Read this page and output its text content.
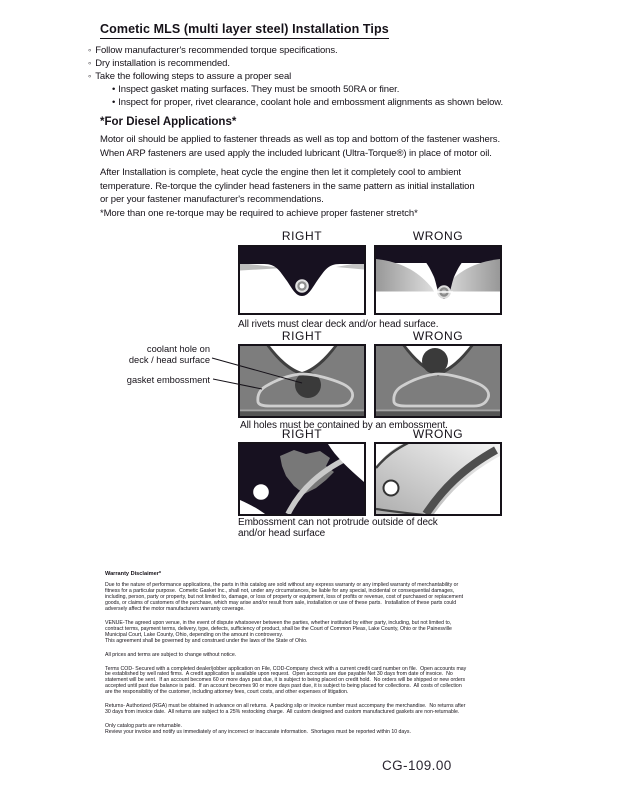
Cometic MLS (multi layer steel) Installation Tips
◦ Follow manufacturer's recommended torque specifications.
◦ Dry installation is recommended.
◦ Take the following steps to assure a proper seal
• Inspect gasket mating surfaces. They must be smooth 50RA or finer.
• Inspect for proper, rivet clearance, coolant hole and embossment alignments as shown below.
*For Diesel Applications*
Motor oil should be applied to fastener threads as well as top and bottom of the fastener washers.
When ARP fasteners are used apply the included lubricant (Ultra-Torque®) in place of motor oil.
After Installation is complete, heat cycle the engine then let it completely cool to ambient
temperature. Re-torque the cylinder head fasteners in the same pattern as initial installation
or per your fastener manufacturer's recommendations.
*More than one re-torque may be required to achieve proper fastener stretch*
RIGHT	WRONG
All rivets must clear deck and/or head surface.
RIGHT	WRONG
coolant hole on
deck / head surface
gasket embossment
All holes must be contained by an embossment.
RIGHT	WRONG
Embossment can not protrude outside of deck
and/or head surface
Warranty Disclaimer*
Due to the nature of performance applications, the parts in this catalog are sold without any express warranty or any implied warranty of merchantability or
fitness for a particular purpose.  Cometic Gasket Inc., shall not, under any circumstances, be liable for any special, incidental or consequential damages,
including, person, party or property, but not limited to, damage, or loss of property or equipment, loss of profits or revenue, cost of purchased or replacement
goods, or claims of customers of the purchase, which may arise and/or result from sale, installation or use of these parts.  Installation of these parts could
adversely affect the motor manufacturers warranty coverage.
VENUE-The agreed upon venue, in the event of dispute whatsoever between the parties, whether instituted by either party, including, but not limited to,
contract terms, payment terms, delivery, type, defects, sufficiency of product, shall be the Court of Common Pleas, Lake County, Ohio or the Painesville
Municipal Court, Lake County, Ohio, depending on the amount in controversy.
This agreement shall be governed by and construed under the laws of the State of Ohio.
All prices and terms are subject to change without notice.
Terms COD- Secured with a completed dealer/jobber application on File, COD-Company check with a current credit card number on file.  Open accounts may
be established by well rated firms.  A credit application is available upon request.  Open accounts are due payable Net 30 days from date of invoice.  No
statement will be sent.  If an account becomes 60 or more days past due, it is subject to being placed on credit hold.  No orders will be shipped or new orders
accepted until past due balance is paid.  If an account becomes 90 or more days past due, it is subject to being placed for collections.  All costs of collection
are the responsibility of the customer, including attorney fees, court costs, and other expenses of litigation.
Returns- Authorized (RGA) must be obtained in advance on all returns.  A packing slip or invoice number must accompany the merchandise.  No returns after
30 days from invoice date.  All returns are subject to a 25% restocking charge.  All custom designed and custom manufactured gaskets are non-returnable.
Only catalog parts are returnable.
Review your invoice and notify us immediately of any incorrect or inaccurate information.  Shortages must be reported within 10 days.
CG-109.00
